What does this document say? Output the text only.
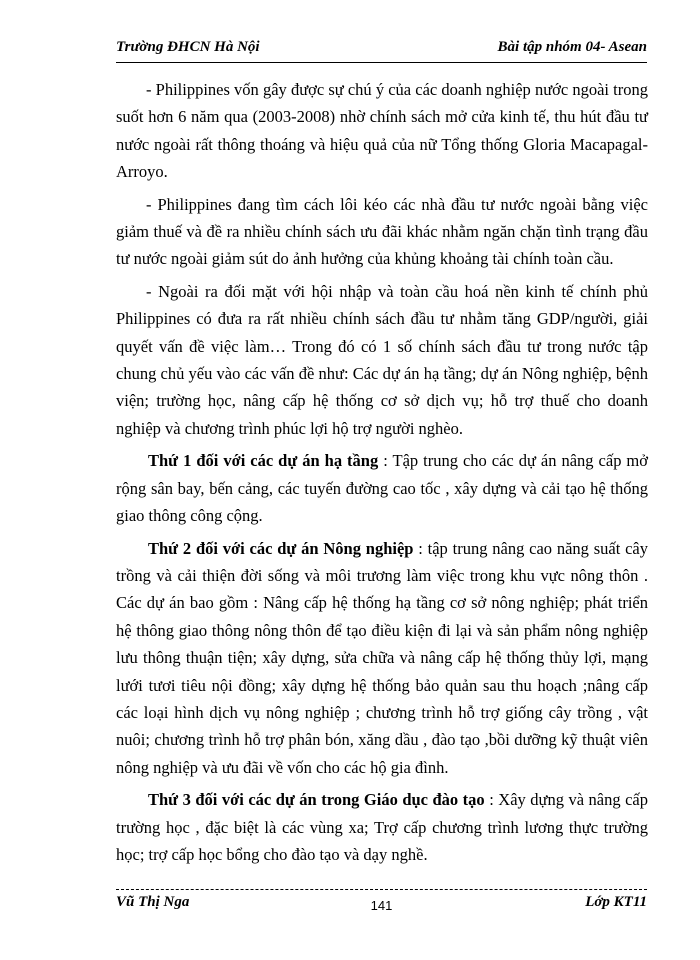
Trường ĐHCN Hà Nội	Bài tập nhóm 04- Asean

- Philippines vốn gây được sự chú ý của các doanh nghiệp nước ngoài trong suốt hơn 6 năm qua (2003-2008) nhờ chính sách mở cửa kinh tế, thu hút đầu tư nước ngoài rất thông thoáng và hiệu quả của nữ Tổng thống Gloria Macapagal-Arroyo.

- Philippines đang tìm cách lôi kéo các nhà đầu tư nước ngoài bằng việc giảm thuế và đề ra nhiều chính sách ưu đãi khác nhằm ngăn chặn tình trạng đầu tư nước ngoài giảm sút do ảnh hưởng của khủng khoảng tài chính toàn cầu.

- Ngoài ra đối mặt với hội nhập và toàn cầu hoá nền kinh tế chính phủ Philippines có đưa ra rất nhiều chính sách đầu tư nhằm tăng GDP/người, giải quyết vấn đề việc làm… Trong đó có 1 số chính sách đầu tư trong nước tập chung chủ yếu vào các vấn đề như: Các dự án hạ tầng; dự án Nông nghiệp, bệnh viện; trường học, nâng cấp hệ thống cơ sở dịch vụ; hỗ trợ thuế cho doanh nghiệp và chương trình phúc lợi hộ trợ người nghèo.

Thứ 1 đối với các dự án hạ tầng : Tập trung cho các dự án nâng cấp mở rộng sân bay, bến cảng, các tuyến đường cao tốc , xây dựng và cải tạo hệ thống giao thông công cộng.

Thứ 2 đối với các dự án Nông nghiệp : tập trung nâng cao năng suất cây trồng và cải thiện đời sống và môi trương làm việc trong khu vực nông thôn . Các dự án bao gồm : Nâng cấp hệ thống hạ tầng cơ sở nông nghiệp; phát triển hệ thông giao thông nông thôn để tạo điều kiện đi lại và sản phẩm nông nghiệp lưu thông thuận tiện; xây dựng, sửa chữa và nâng cấp hệ thống thủy lợi, mạng lưới tươi tiêu nội đồng; xây dựng hệ thống bảo quản sau thu hoạch ;nâng cấp các loại hình dịch vụ nông nghiệp ; chương trình hỗ trợ giống cây trồng , vật nuôi; chương trình hỗ trợ phân bón, xăng dầu , đào tạo ,bồi dưỡng kỹ thuật viên nông nghiệp và ưu đãi về vốn cho các hộ gia đình.

Thứ 3 đối với các dự án trong Giáo dục đào tạo : Xây dựng và nâng cấp trường học , đặc biệt là các vùng xa; Trợ cấp chương trình lương thực trường học; trợ cấp học bổng cho đào tạo và dạy nghề.

Vũ Thị Nga	141	Lớp KT11
